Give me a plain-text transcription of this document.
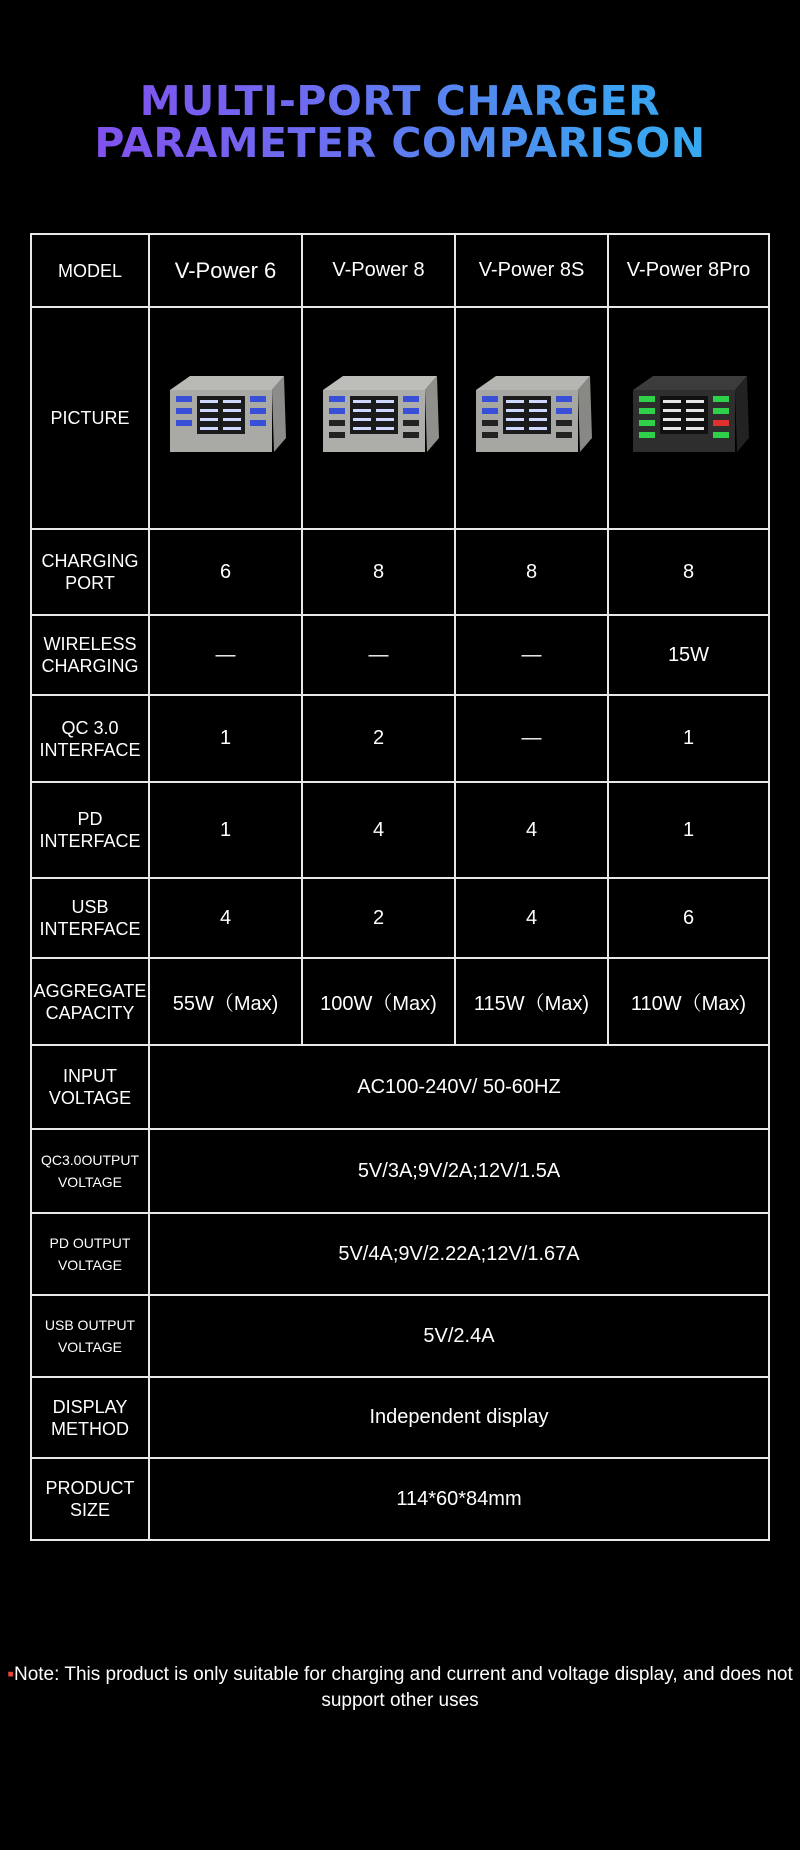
MULTI-PORT CHARGER
PARAMETER COMPARISON
MODEL	V-Power 6	V-Power 8	V-Power 8S	V-Power 8Pro
PICTURE	

CHARGING
PORT	6	8	8	8
WIRELESS
CHARGING	—	—	—	15W
QC 3.0
INTERFACE	1	2	—	1
PD
INTERFACE	1	4	4	1
USB
INTERFACE	4	2	4	6
AGGREGATE
CAPACITY	55W（Max)	100W（Max)	115W（Max)	110W（Max)
INPUT
VOLTAGE	AC100-240V/ 50-60HZ			
QC3.0OUTPUT
VOLTAGE	5V/3A;9V/2A;12V/1.5A			
PD OUTPUT
VOLTAGE	5V/4A;9V/2.22A;12V/1.67A			
USB OUTPUT
VOLTAGE	5V/2.4A			
DISPLAY
METHOD	Independent display			
PRODUCT
SIZE	114*60*84mm			
▪Note: This product is only suitable for charging and current and voltage display, and does not support other uses
